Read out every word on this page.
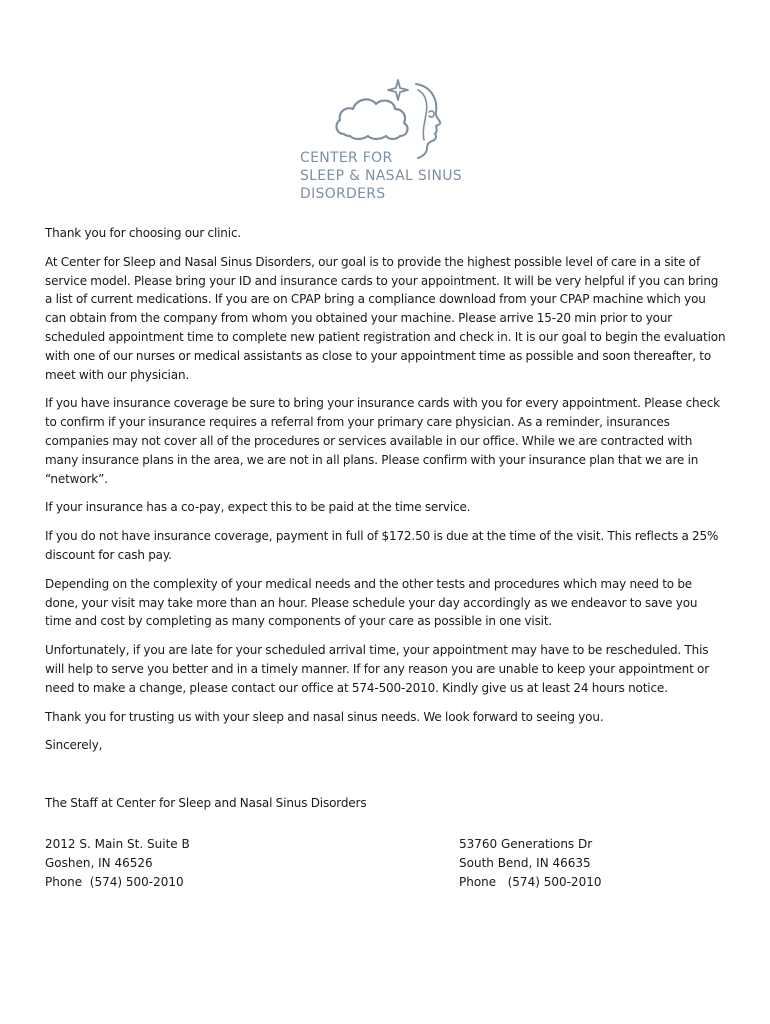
CENTER FOR
SLEEP & NASAL SINUS
DISORDERS

Thank you for choosing our clinic.

At Center for Sleep and Nasal Sinus Disorders, our goal is to provide the highest possible level of care in a site of service model. Please bring your ID and insurance cards to your appointment. It will be very helpful if you can bring a list of current medications. If you are on CPAP bring a compliance download from your CPAP machine which you can obtain from the company from whom you obtained your machine. Please arrive 15-20 min prior to your scheduled appointment time to complete new patient registration and check in. It is our goal to begin the evaluation with one of our nurses or medical assistants as close to your appointment time as possible and soon thereafter, to meet with our physician.

If you have insurance coverage be sure to bring your insurance cards with you for every appointment. Please check to confirm if your insurance requires a referral from your primary care physician. As a reminder, insurances companies may not cover all of the procedures or services available in our office. While we are contracted with many insurance plans in the area, we are not in all plans. Please confirm with your insurance plan that we are in “network”.

If your insurance has a co-pay, expect this to be paid at the time service.

If you do not have insurance coverage, payment in full of $172.50 is due at the time of the visit. This reflects a 25% discount for cash pay.

Depending on the complexity of your medical needs and the other tests and procedures which may need to be done, your visit may take more than an hour. Please schedule your day accordingly as we endeavor to save you time and cost by completing as many components of your care as possible in one visit.

Unfortunately, if you are late for your scheduled arrival time, your appointment may have to be rescheduled. This will help to serve you better and in a timely manner. If for any reason you are unable to keep your appointment or need to make a change, please contact our office at 574-500-2010. Kindly give us at least 24 hours notice.

Thank you for trusting us with your sleep and nasal sinus needs. We look forward to seeing you.

Sincerely,

The Staff at Center for Sleep and Nasal Sinus Disorders

2012 S. Main St. Suite B
Goshen, IN 46526
Phone  (574) 500-2010
53760 Generations Dr
South Bend, IN 46635
Phone   (574) 500-2010
